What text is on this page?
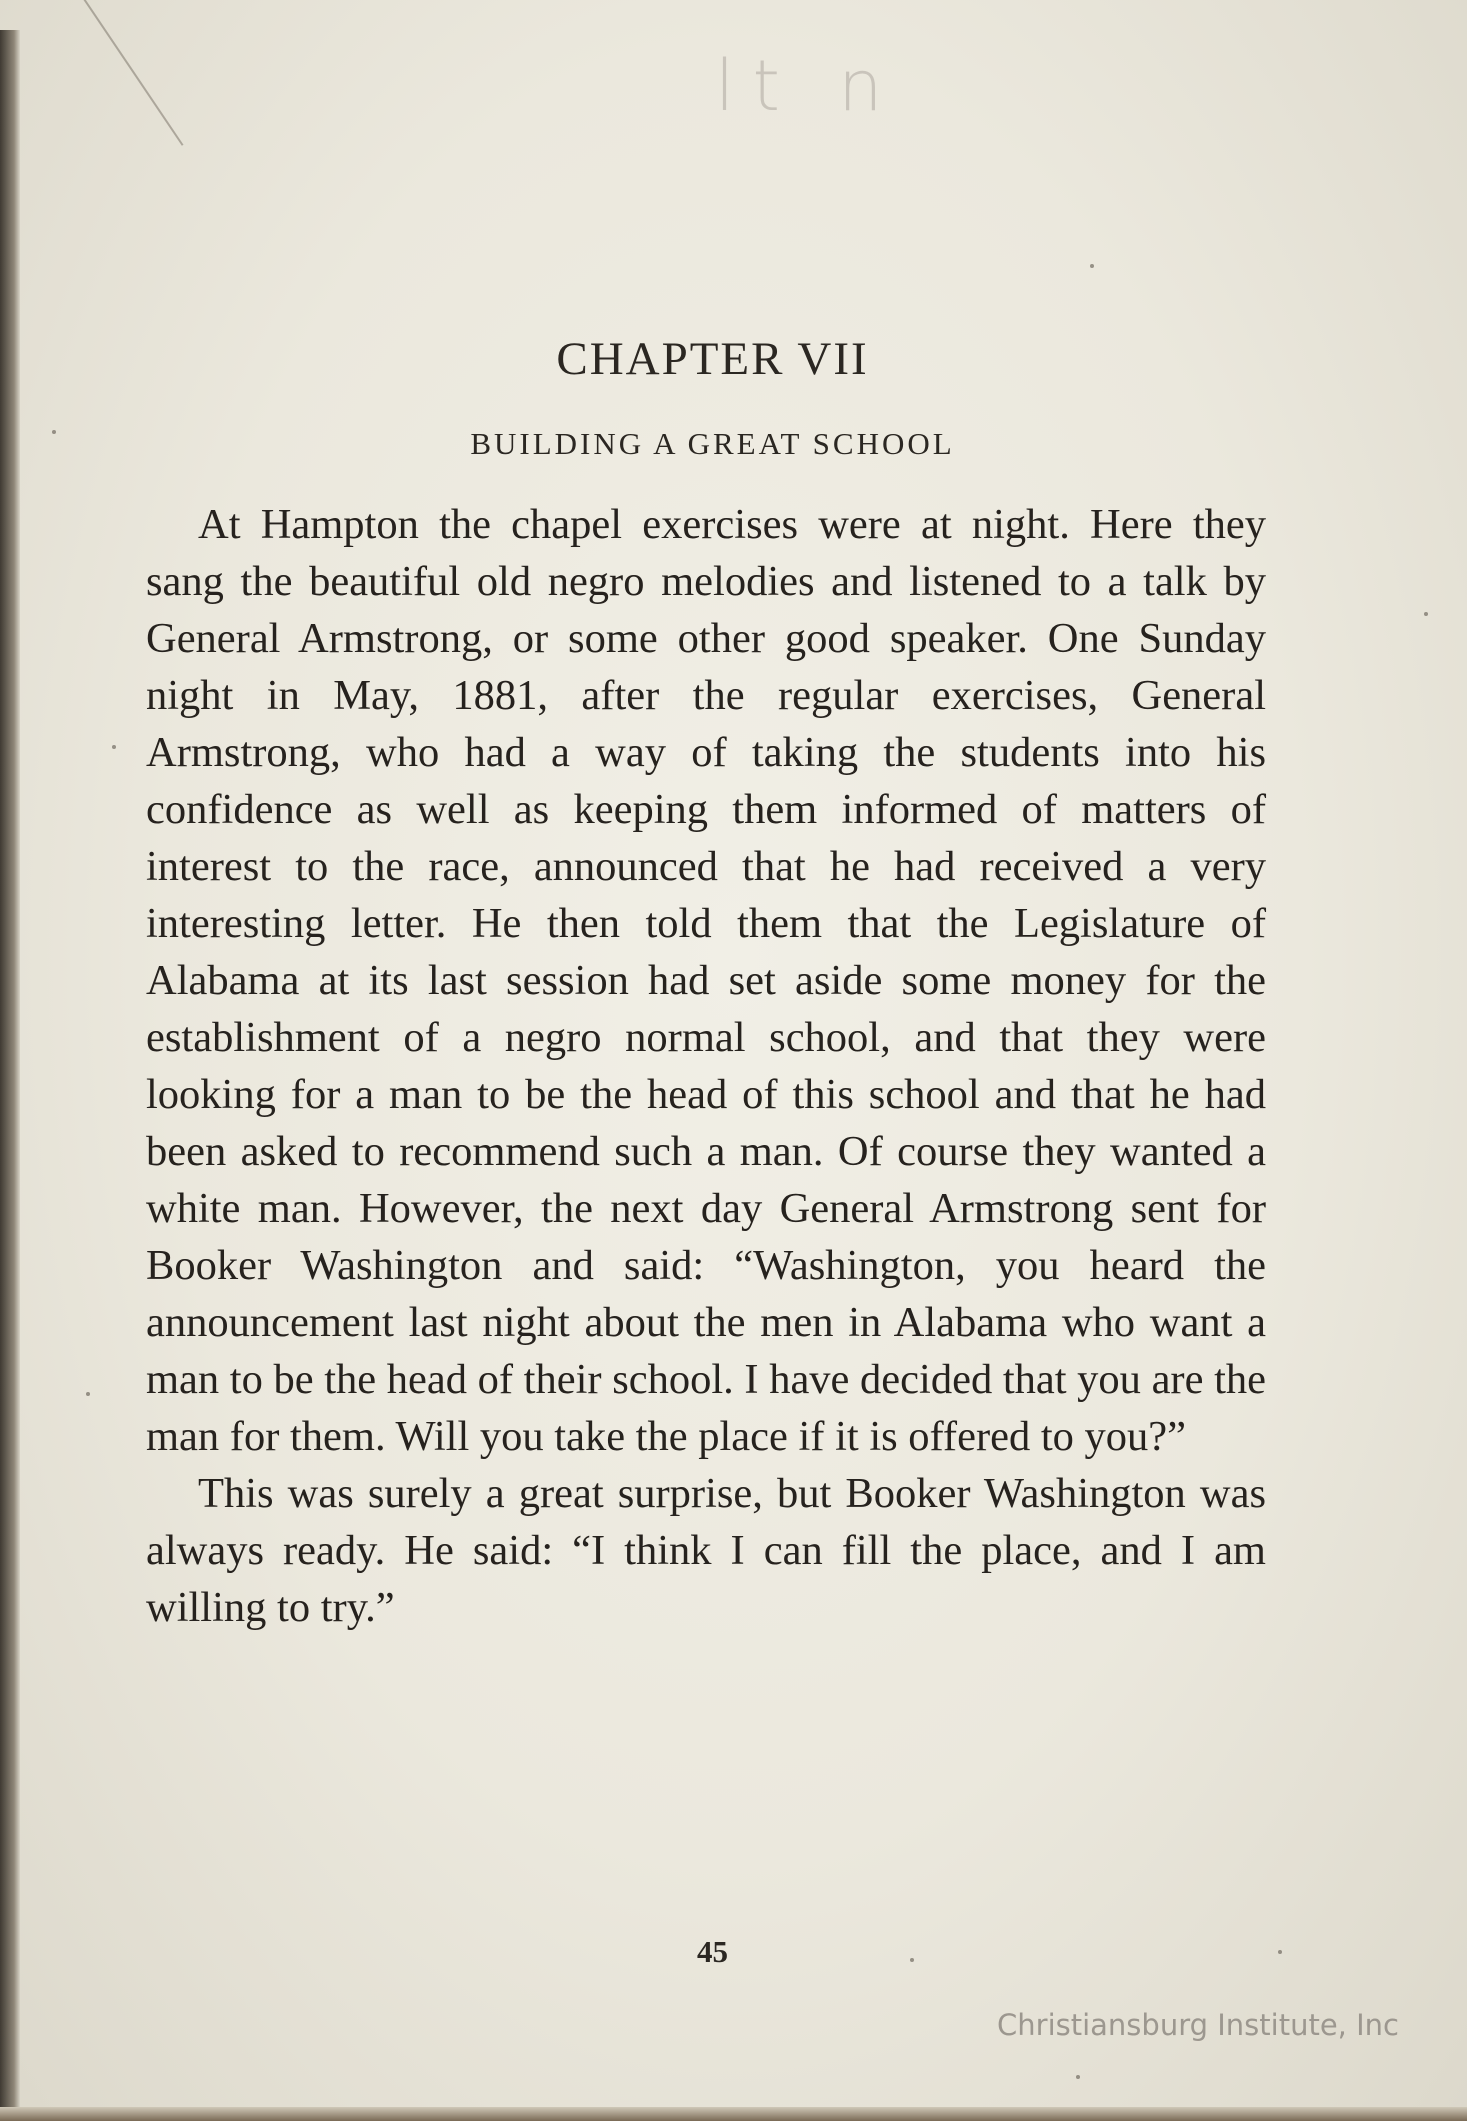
lt n
CHAPTER VII
BUILDING A GREAT SCHOOL

At Hampton the chapel exercises were at night. Here they sang the beautiful old negro melodies and listened to a talk by General Armstrong, or some other good speaker. One Sunday night in May, 1881, after the regular exercises, General Armstrong, who had a way of taking the students into his confidence as well as keeping them informed of matters of interest to the race, announced that he had received a very interesting letter. He then told them that the Legislature of Alabama at its last session had set aside some money for the establishment of a negro normal school, and that they were looking for a man to be the head of this school and that he had been asked to recommend such a man. Of course they wanted a white man. However, the next day General Armstrong sent for Booker Washington and said: “Washington, you heard the announcement last night about the men in Alabama who want a man to be the head of their school. I have decided that you are the man for them. Will you take the place if it is offered to you?”

This was surely a great surprise, but Booker Washington was always ready. He said: “I think I can fill the place, and I am willing to try.”

45
Christiansburg Institute, Inc
